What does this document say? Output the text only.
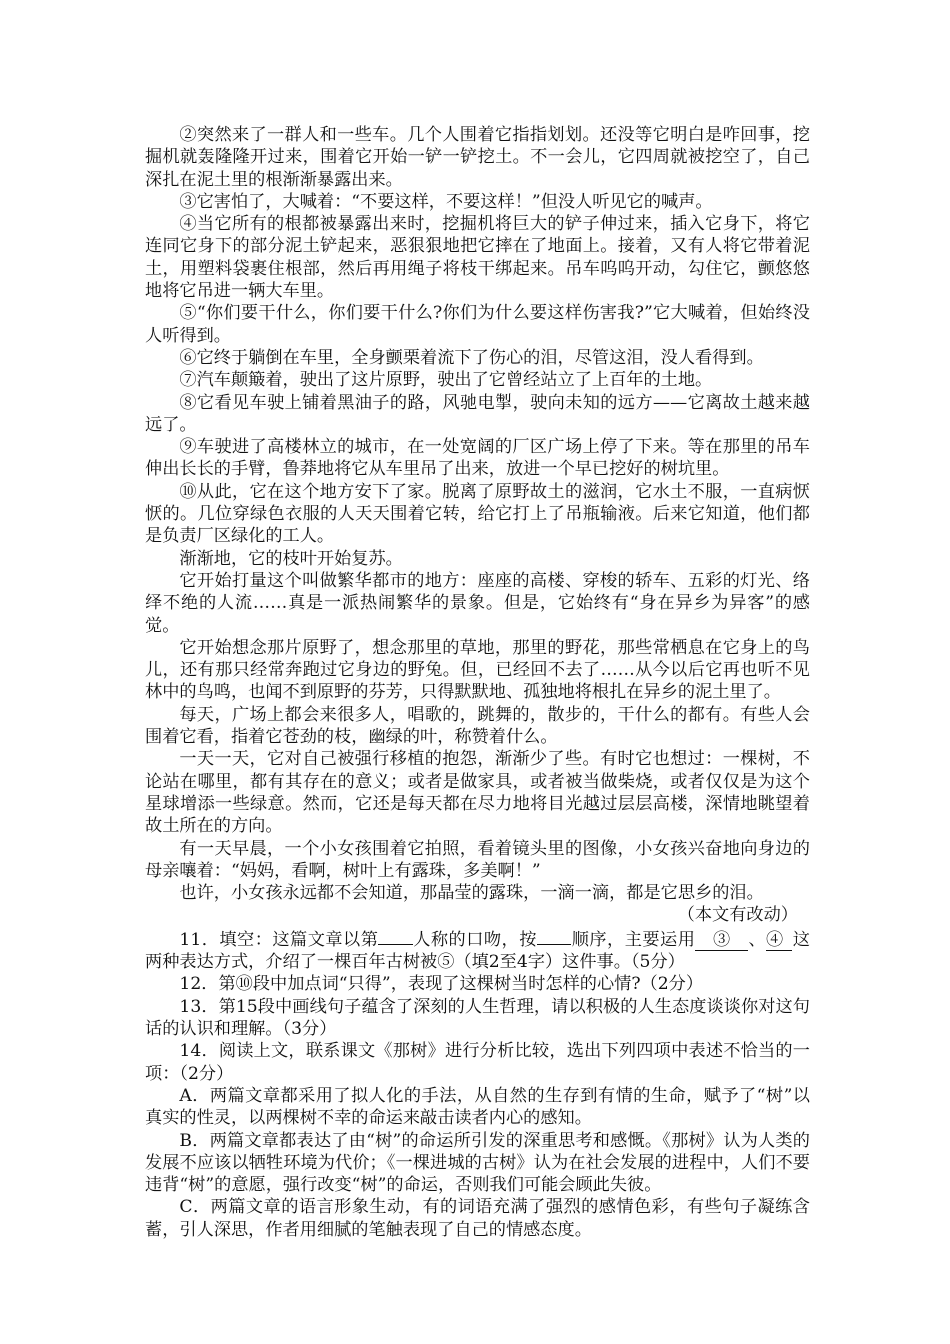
②突然来了一群人和一些车。几个人围着它指指划划。还没等它明白是咋回事，挖掘机就轰隆隆开过来，围着它开始一铲一铲挖土。不一会儿，它四周就被挖空了，自己深扎在泥土里的根渐渐暴露出来。

③它害怕了，大喊着：“不要这样，不要这样！”但没人听见它的喊声。

④当它所有的根都被暴露出来时，挖掘机将巨大的铲子伸过来，插入它身下，将它连同它身下的部分泥土铲起来，恶狠狠地把它摔在了地面上。接着，又有人将它带着泥土，用塑料袋裹住根部，然后再用绳子将枝干绑起来。吊车呜呜开动，勾住它，颤悠悠地将它吊进一辆大车里。

⑤“你们要干什么，你们要干什么?你们为什么要这样伤害我?”它大喊着，但始终没人听得到。

⑥它终于躺倒在车里，全身颤栗着流下了伤心的泪，尽管这泪，没人看得到。

⑦汽车颠簸着，驶出了这片原野，驶出了它曾经站立了上百年的土地。

⑧它看见车驶上铺着黑油子的路，风驰电掣，驶向未知的远方——它离故土越来越远了。

⑨车驶进了高楼林立的城市，在一处宽阔的厂区广场上停了下来。等在那里的吊车伸出长长的手臂，鲁莽地将它从车里吊了出来，放进一个早已挖好的树坑里。

⑩从此，它在这个地方安下了家。脱离了原野故土的滋润，它水土不服，一直病恹恹的。几位穿绿色衣服的人天天围着它转，给它打上了吊瓶输液。后来它知道，他们都是负责厂区绿化的工人。

渐渐地，它的枝叶开始复苏。

它开始打量这个叫做繁华都市的地方：座座的高楼、穿梭的轿车、五彩的灯光、络绎不绝的人流……真是一派热闹繁华的景象。但是，它始终有“身在异乡为异客”的感觉。

它开始想念那片原野了，想念那里的草地，那里的野花，那些常栖息在它身上的鸟儿，还有那只经常奔跑过它身边的野兔。但，已经回不去了……从今以后它再也听不见林中的鸟鸣，也闻不到原野的芬芳，只得默默地、孤独地将根扎在异乡的泥土里了。

每天，广场上都会来很多人，唱歌的，跳舞的，散步的，干什么的都有。有些人会围着它看，指着它苍劲的枝，幽绿的叶，称赞着什么。

一天一天，它对自己被强行移植的抱怨，渐渐少了些。有时它也想过：一棵树，不论站在哪里，都有其存在的意义；或者是做家具，或者被当做柴烧，或者仅仅是为这个星球增添一些绿意。然而，它还是每天都在尽力地将目光越过层层高楼，深情地眺望着故土所在的方向。

有一天早晨，一个小女孩围着它拍照，看着镜头里的图像，小女孩兴奋地向身边的母亲嚷着：“妈妈，看啊，树叶上有露珠，多美啊！”

也许，小女孩永远都不会知道，那晶莹的露珠，一滴一滴，都是它思乡的泪。

（本文有改动）

11．填空：这篇文章以第 人称的口吻，按 顺序，主要运用  ③  、④  这两种表达方式，介绍了一棵百年古树被⑤（填2至4字）这件事。（5分）

12．第⑩段中加点词“只得”，表现了这棵树当时怎样的心情?（2分）

13．第15段中画线句子蕴含了深刻的人生哲理，请以积极的人生态度谈谈你对这句话的认识和理解。（3分）

14．阅读上文，联系课文《那树》进行分析比较，选出下列四项中表述不恰当的一项：（2分）

A．两篇文章都采用了拟人化的手法，从自然的生存到有情的生命，赋予了“树”以真实的性灵，以两棵树不幸的命运来敲击读者内心的感知。

B．两篇文章都表达了由“树”的命运所引发的深重思考和感慨。《那树》认为人类的发展不应该以牺牲环境为代价；《一棵进城的古树》认为在社会发展的进程中，人们不要违背“树”的意愿，强行改变“树”的命运，否则我们可能会顾此失彼。

C．两篇文章的语言形象生动，有的词语充满了强烈的感情色彩，有些句子凝练含蓄，引人深思，作者用细腻的笔触表现了自己的情感态度。
